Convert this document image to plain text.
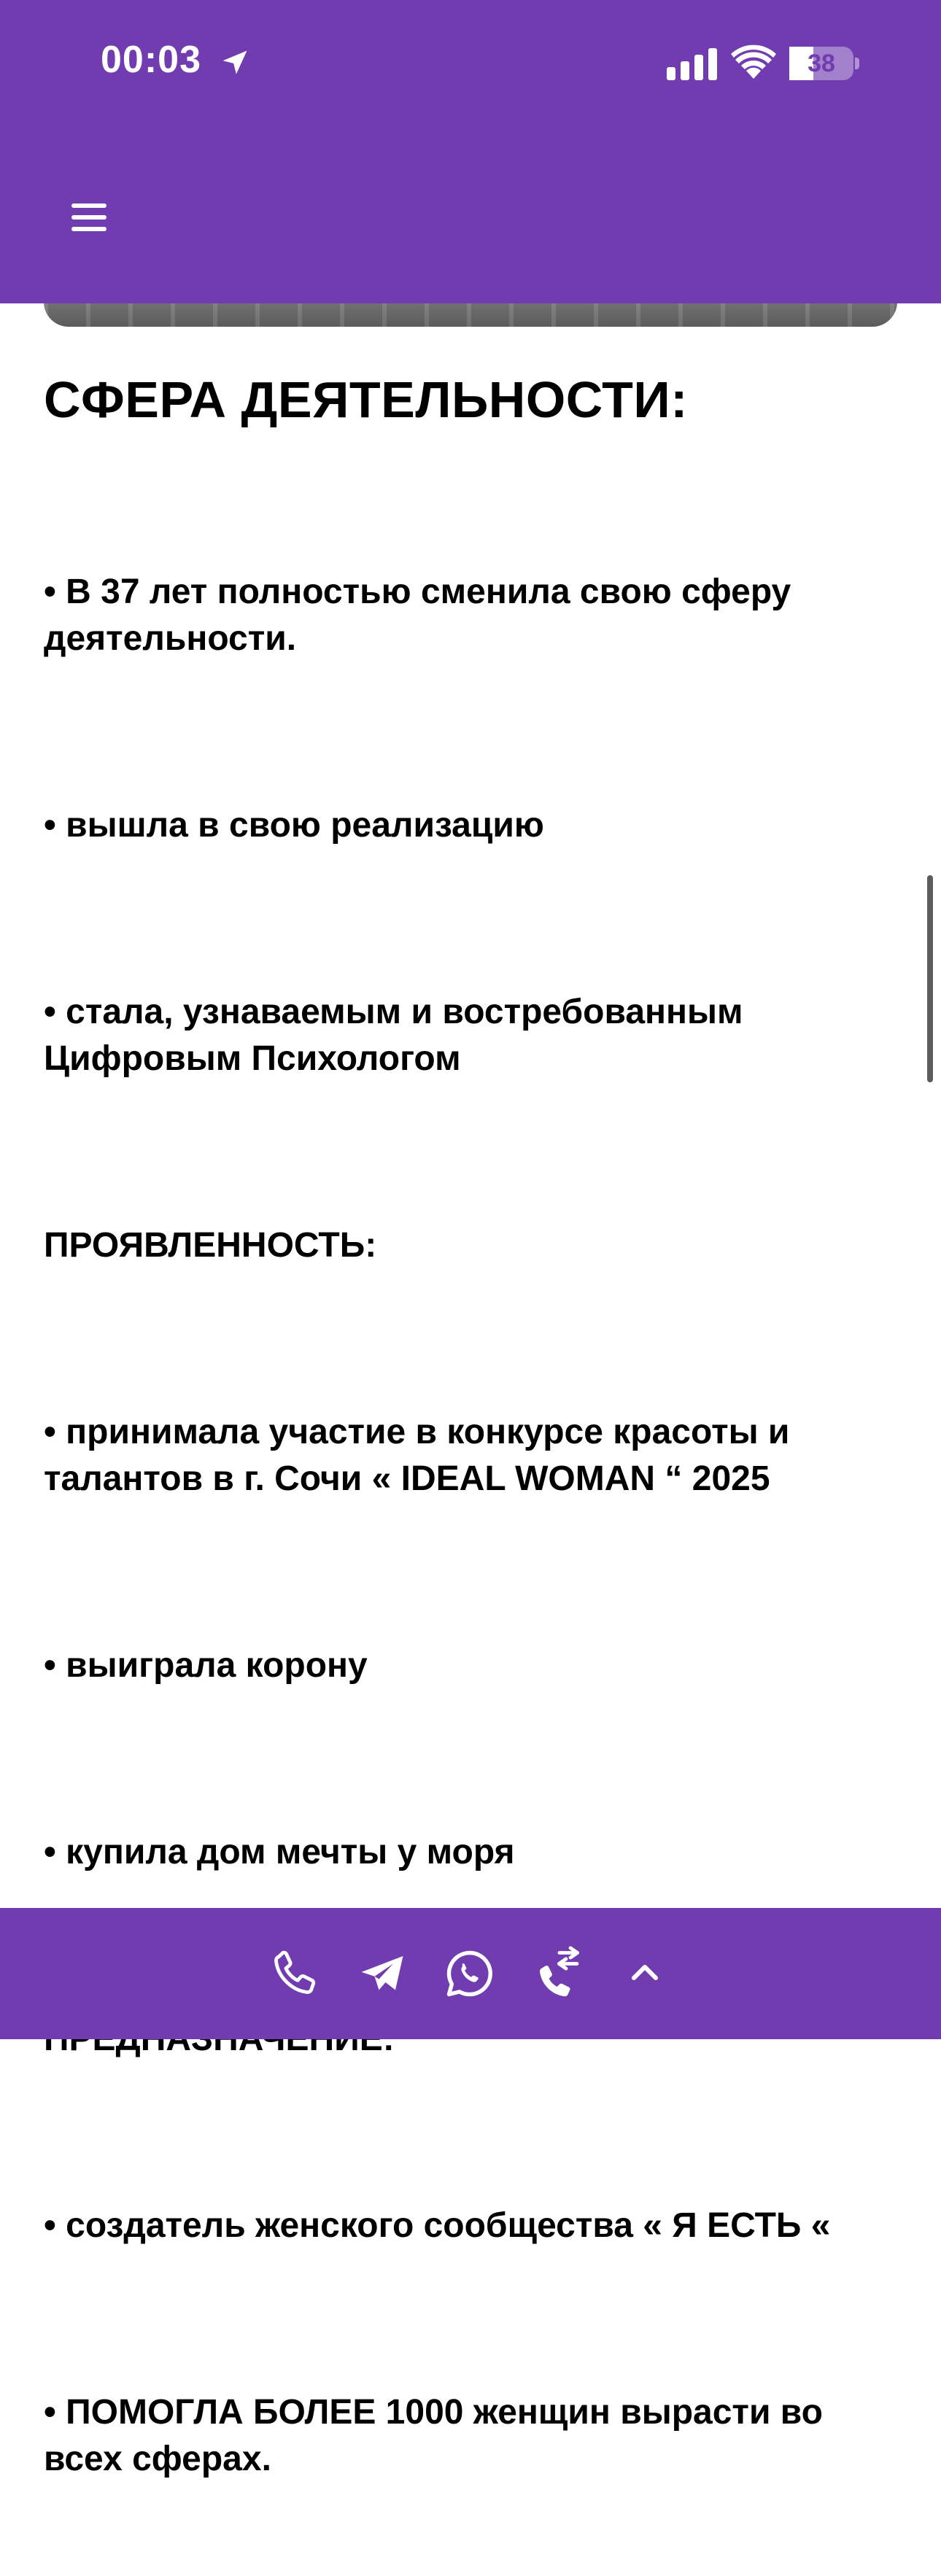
00:03	38
СФЕРА ДЕЯТЕЛЬНОСТИ:

• В 37 лет полностью сменила свою сферу деятельности.

• вышла в свою реализацию

• стала, узнаваемым и востребованным Цифровым Психологом

ПРОЯВЛЕННОСТЬ:

• принимала участие в конкурсе красоты и талантов в г. Сочи « IDEAL WOMAN “ 2025

• выиграла корону

• купила дом мечты у моря

• создатель женского сообщества « Я ЕСТЬ «

• ПОМОГЛА БОЛЕЕ 1000 женщин вырасти во всех сферах.
